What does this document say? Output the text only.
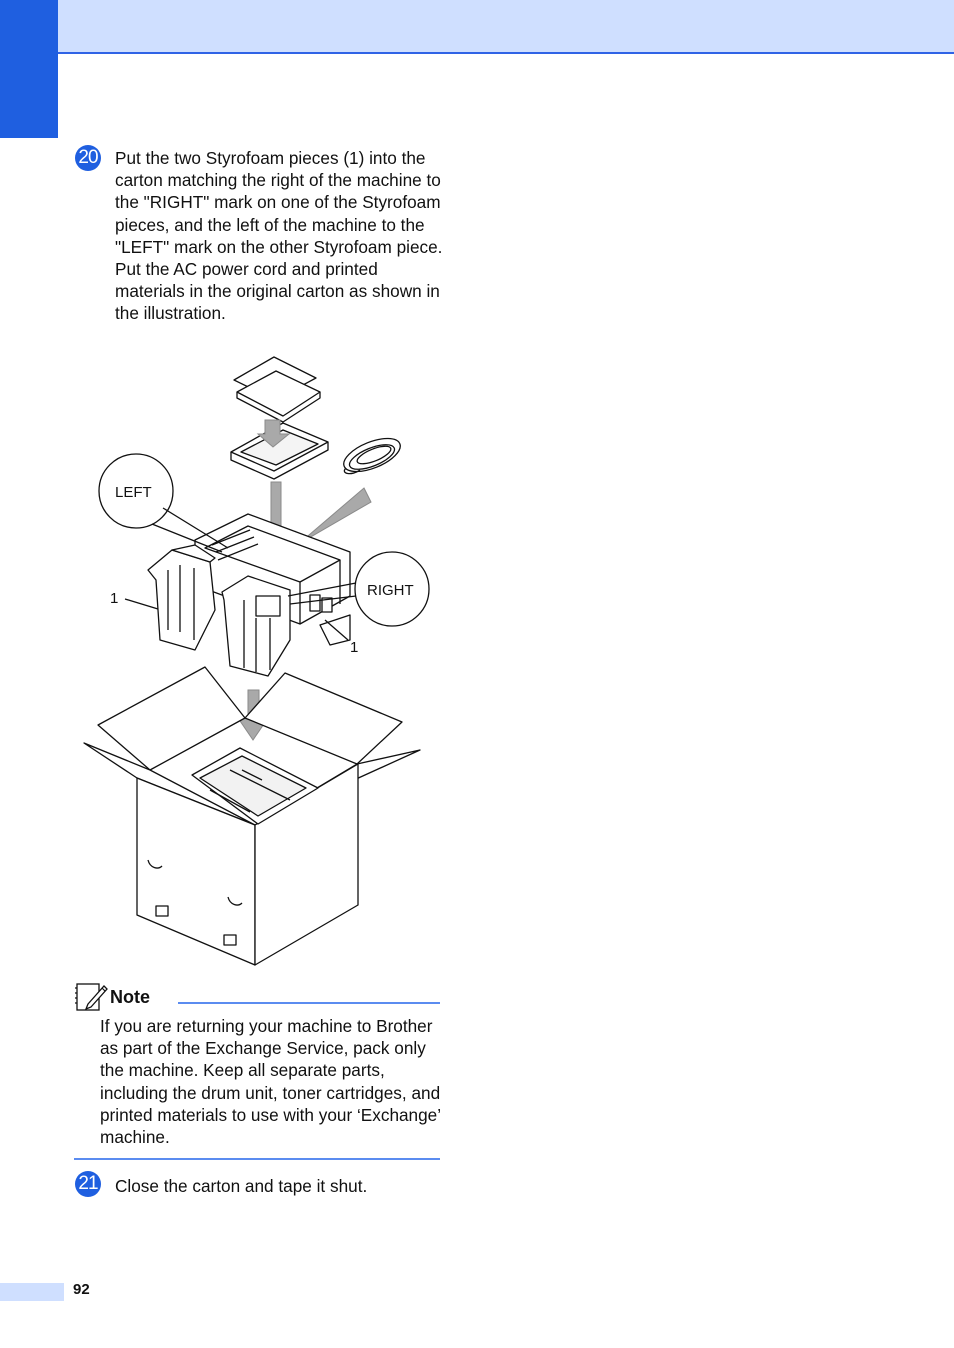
20 Put the two Styrofoam pieces (1) into the carton matching the right of the machine to the "RIGHT" mark on one of the Styrofoam pieces, and the left of the machine to the "LEFT" mark on the other Styrofoam piece. Put the AC power cord and printed materials in the original carton as shown in the illustration.
LEFT
RIGHT
1
1
Note
If you are returning your machine to Brother as part of the Exchange Service, pack only the machine. Keep all separate parts, including the drum unit, toner cartridges, and printed materials to use with your ‘Exchange’ machine.
21 Close the carton and tape it shut.
92
